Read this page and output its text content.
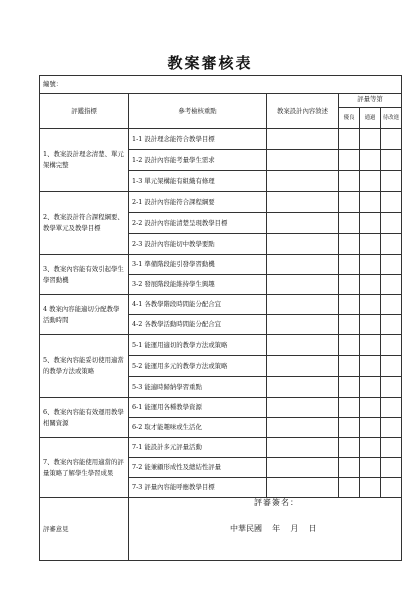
教案審核表
編號：					
評鑑指標	參考檢核重點	教案設計內容敘述	評量等第
優良 通過 待改進		

1、教案設計理念清楚、單元架構完整	1-1 設計理念能符合教學目標				
	1-2 設計內容能考量學生需求				
	1-3 單元架構能有組織有條理				
2、教案設計符合課程綱要、教學單元及教學目標	2-1 設計內容能符合課程綱要				
	2-2 設計內容能清楚呈現教學目標				
	2-3 設計內容能切中教學要點				
3、教案內容能有效引起學生學習動機	3-1 準備階段能引發學習動機				
	3-2 發展階段能維持學生興趣				
4 教案內容能適切分配教學活動時間	4-1 各教學階段時間能分配合宜				
	4-2 各教學活動時間能分配合宜				
5、教案內容能妥切使用適當的教學方法或策略	5-1 能運用適切的教學方法或策略				
	5-2 能運用多元的教學方法或策略				
	5-3 能適時歸納學習重點				
6、教案內容能有效運用教學相關資源	6-1 能運用各種教學資源				
	6-2 取才能趣味或生活化				
7、教案內容能使用適當的評量策略了解學生學習成果	7-1 能設計多元評量活動				
	7-2 能兼顧形成性及總結性評量				
	7-3 評量內容能呼應教學目標				
評審意見					
評審簽名：
中華民國    年    月    日
